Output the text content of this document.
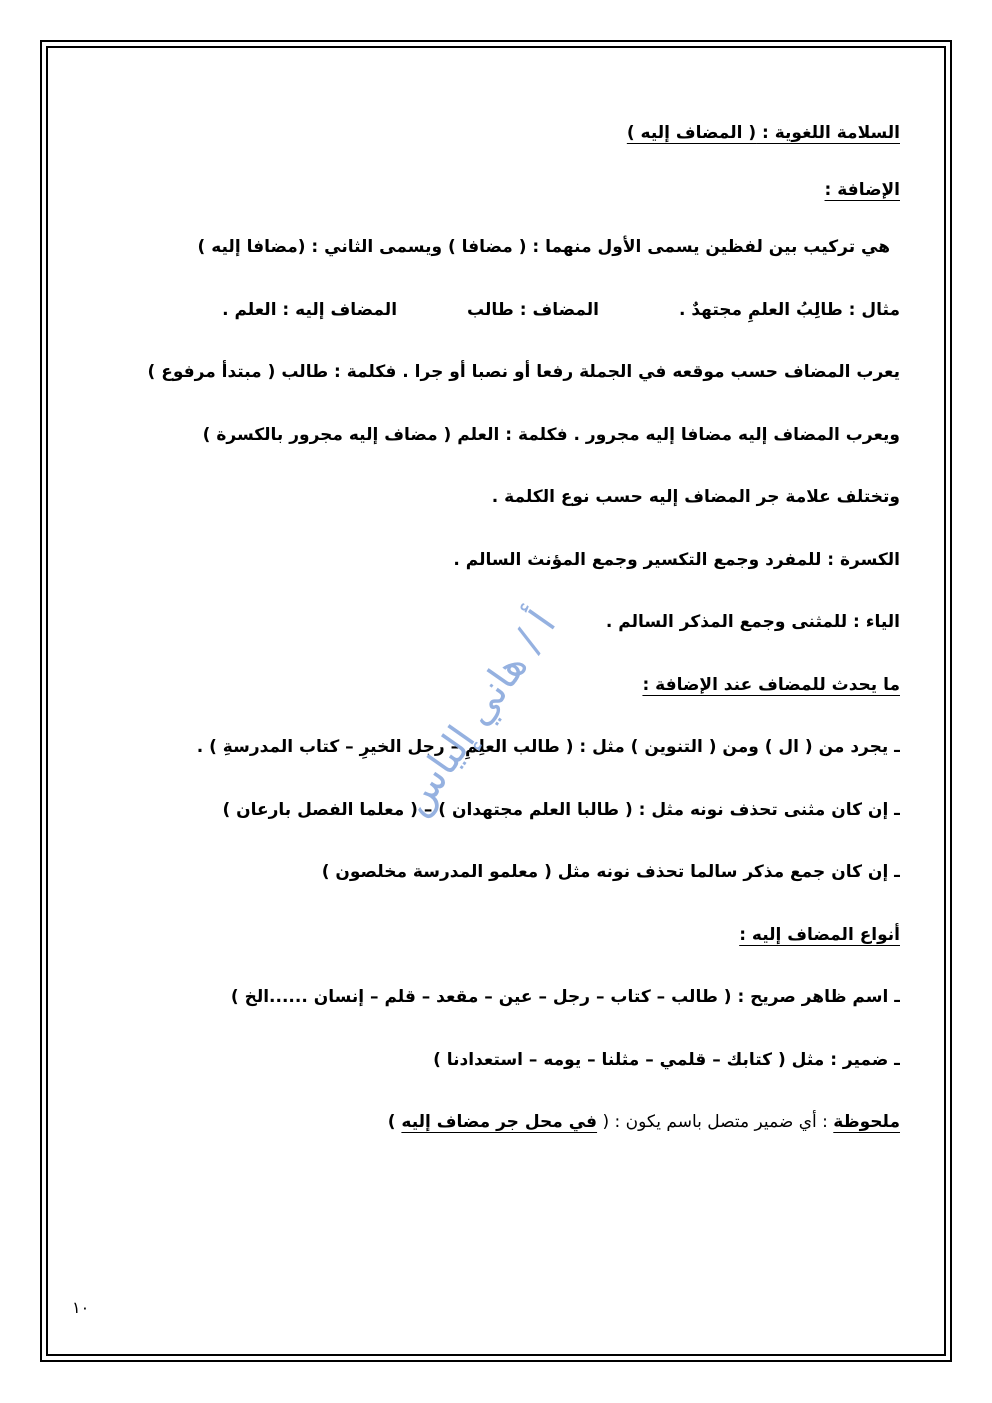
السلامة اللغوية : ( المضاف إليه )
الإضافة :
هي تركيب بين لفظين يسمى الأول منهما : ( مضافا ) ويسمى الثاني : (مضافا إليه )
مثال : طالِبُ العلمِ مجتهدٌ .المضاف : طالبالمضاف إليه : العلم .
يعرب المضاف حسب موقعه في الجملة رفعا أو نصبا أو جرا . فكلمة : طالب ( مبتدأ مرفوع )
ويعرب المضاف إليه مضافا إليه مجرور . فكلمة : العلم ( مضاف إليه مجرور بالكسرة )
وتختلف علامة جر المضاف إليه حسب نوع الكلمة .
الكسرة : للمفرد وجمع التكسير وجمع المؤنث السالم .
الياء : للمثنى وجمع المذكر السالم .
ما يحدث للمضاف عند الإضافة :
ـ يجرد من ( ال ) ومن ( التنوين ) مثل : ( طالب العلِمِ – رجل الخيرِ – كتاب المدرسةِ ) .
ـ إن كان مثنى تحذف نونه مثل : ( طالبا العلم مجتهدان ) – ( معلما الفصل بارعان )
ـ إن كان جمع مذكر سالما تحذف نونه مثل ( معلمو المدرسة مخلصون )
أنواع المضاف إليه :
ـ اسم ظاهر صريح : ( طالب – كتاب – رجل – عين – مقعد – قلم – إنسان ......الخ )
ـ ضمير : مثل ( كتابك – قلمي – مثلنا – يومه – استعدادنا )
ملحوظة : أي ضمير متصل باسم يكون : ( في محل جر مضاف إليه )
أ / هاني إلياس
١٠
